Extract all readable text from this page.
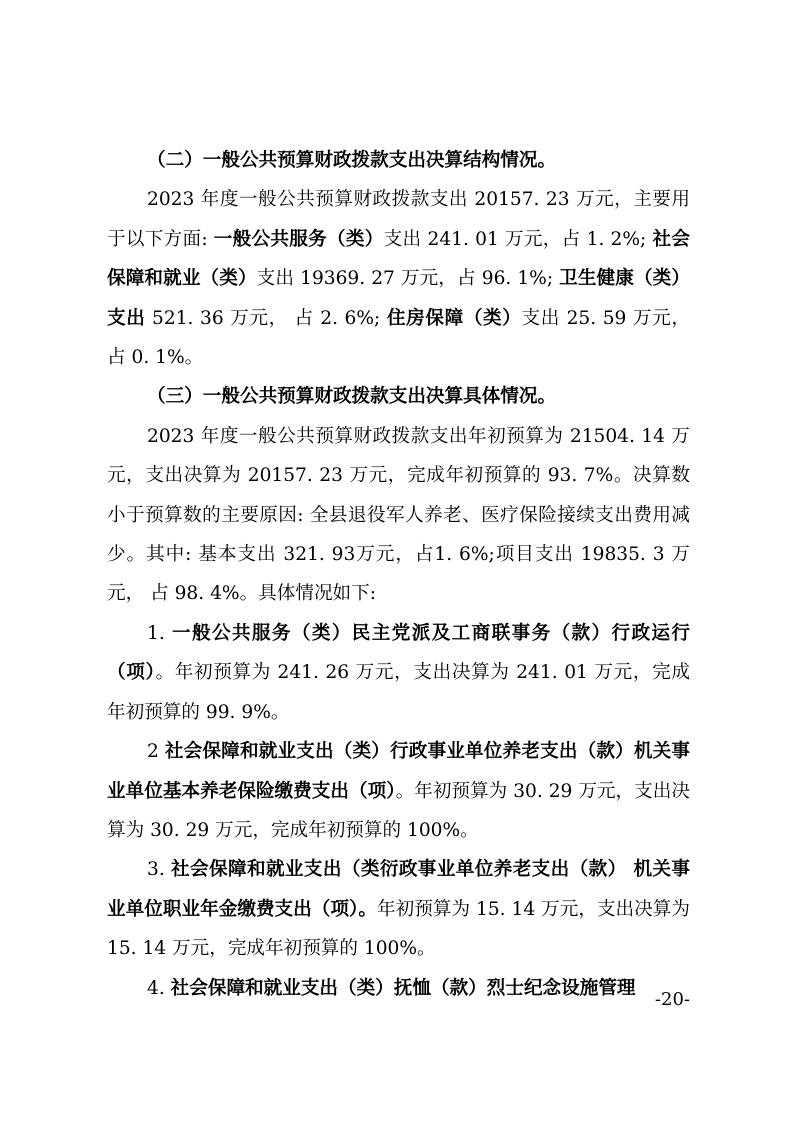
（二）一般公共预算财政拨款支出决算结构情况。

2023 年度一般公共预算财政拨款支出 20157. 23 万元，主要用于以下方面: 一般公共服务（类）支出 241. 01 万元，占 1. 2%; 社会保障和就业（类）支出 19369. 27 万元，占 96. 1%; 卫生健康（类）支出 521. 36 万元， 占 2. 6%; 住房保障（类）支出 25. 59 万元，占 0. 1%。

（三）一般公共预算财政拨款支出决算具体情况。

2023 年度一般公共预算财政拨款支出年初预算为 21504. 14 万元，支出决算为 20157. 23 万元，完成年初预算的 93. 7%。决算数小于预算数的主要原因: 全县退役军人养老、医疗保险接续支出费用减少。其中: 基本支出 321. 93万元，占1. 6%;项目支出 19835. 3 万元， 占 98. 4%。具体情况如下:

1. 一般公共服务（类）民主党派及工商联事务（款）行政运行（项）。年初预算为 241. 26 万元，支出决算为 241. 01 万元，完成年初预算的 99. 9%。

2 社会保障和就业支出（类）行政事业单位养老支出（款）机关事业单位基本养老保险缴费支出（项）。年初预算为 30. 29 万元，支出决算为 30. 29 万元，完成年初预算的 100%。

3. 社会保障和就业支出（类衍政事业单位养老支出（款） 机关事业单位职业年金缴费支出（项）。年初预算为 15. 14 万元，支出决算为 15. 14 万元，完成年初预算的 100%。

4. 社会保障和就业支出（类）抚恤（款）烈士纪念设施管理

-20-
